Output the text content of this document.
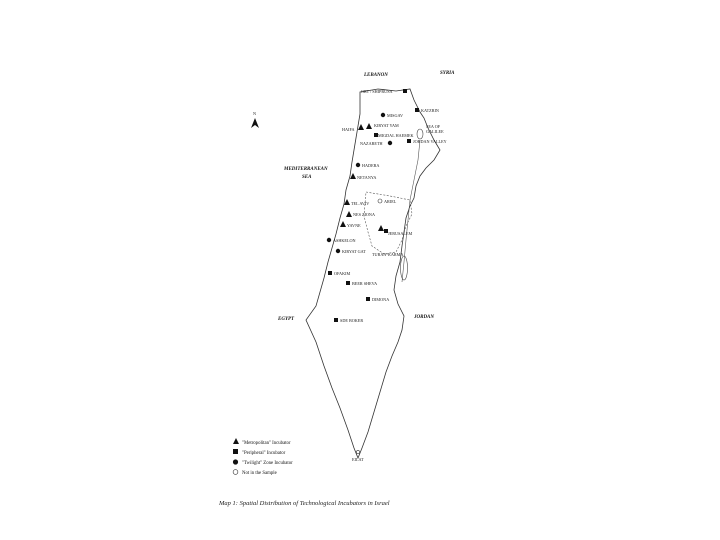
N
LEBANON	SYRIA
MEDITERRANEAN
SEA
EGYPT	JORDAN
SEA OF
GALILEE
ORT / SHIPRUSA
KATZRIN
MISGAV
HAIFA
KIRYAT YAM
MIGDAL HAEMEK
NAZARETH	JORDAN VALLEY
HADERA
NETANYA
TEL AVIV	ARIEL
NES ZIONA
YAVNE
JERUSALEM
ASHKELON
KIRYAT GAT
TURAN-KARMA
OFAKIM
BEER SHEVA
DIMONA
SDE BOKER
EILAT
"Metropolitan" Incubator
"Peripheral" Incubator
"Twilight" Zone Incubator
Not in the Sample
Map 1: Spatial Distribution of Technological Incubators in Israel
